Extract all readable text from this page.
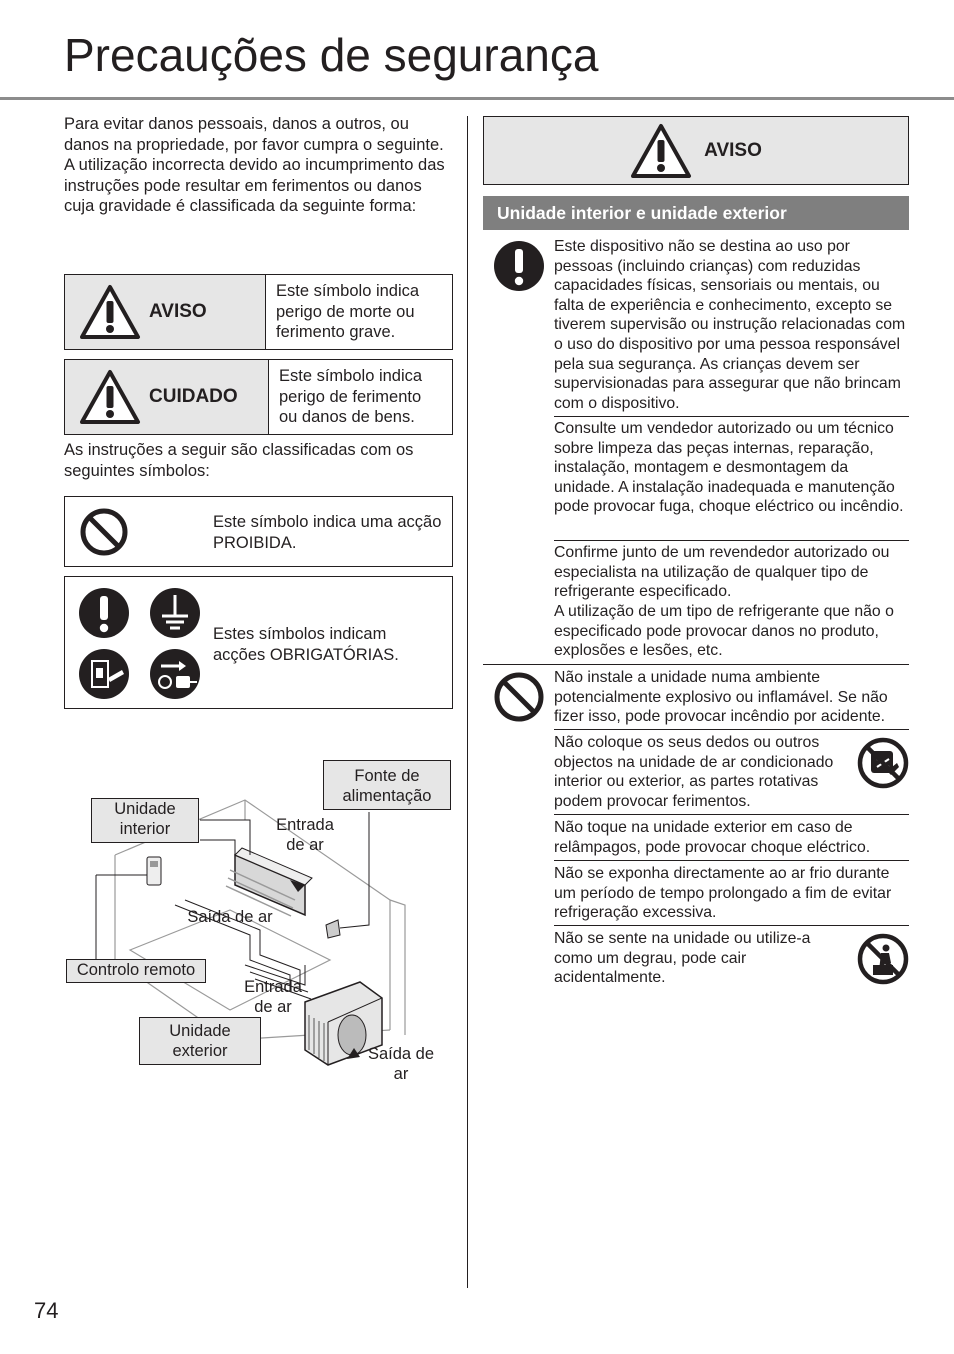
Precauções de segurança

Para evitar danos pessoais, danos a outros, ou danos na propriedade, por favor cumpra o seguinte.

A utilização incorrecta devido ao incumprimento das instruções pode resultar em ferimentos ou danos cuja gravidade é classificada da seguinte forma:

AVISO
Este símbolo indica perigo de morte ou ferimento grave.
CUIDADO
Este símbolo indica perigo de ferimento ou danos de bens.
As instruções a seguir são classificadas com os seguintes símbolos:
Este símbolo indica uma acção PROIBIDA.
Estes símbolos indicam acções OBRIGATÓRIAS.
Unidade interior
Fonte de alimentação
Entrada de ar
Saída de ar
Controlo remoto
Entrada de ar
Unidade exterior	Saída de ar
AVISO
Unidade interior e unidade exterior
Este dispositivo não se destina ao uso por pessoas (incluindo crianças) com reduzidas capacidades físicas, sensoriais ou mentais, ou falta de experiência e conhecimento, excepto se tiverem supervisão ou instrução relacionadas com o uso do dispositivo por uma pessoa responsável pela sua segurança. As crianças devem ser supervisionadas para assegurar que não brincam com o dispositivo.
Consulte um vendedor autorizado ou um técnico sobre limpeza das peças internas, reparação, instalação, montagem e desmontagem da unidade. A instalação inadequada e manutenção pode provocar fuga, choque eléctrico ou incêndio.
Confirme junto de um revendedor autorizado ou especialista na utilização de qualquer tipo de refrigerante especificado.
A utilização de um tipo de refrigerante que não o especificado pode provocar danos no produto, explosões e lesões, etc.
Não instale a unidade numa ambiente potencialmente explosivo ou inflamável. Se não fizer isso, pode provocar incêndio por acidente.
Não coloque os seus dedos ou outros objectos na unidade de ar condicionado interior ou exterior, as partes rotativas podem provocar ferimentos.
Não toque na unidade exterior em caso de relâmpagos, pode provocar choque eléctrico.
Não se exponha directamente ao ar frio durante um período de tempo prolongado a fim de evitar refrigeração excessiva.
Não se sente na unidade ou utilize-a como um degrau, pode cair acidentalmente.
74
